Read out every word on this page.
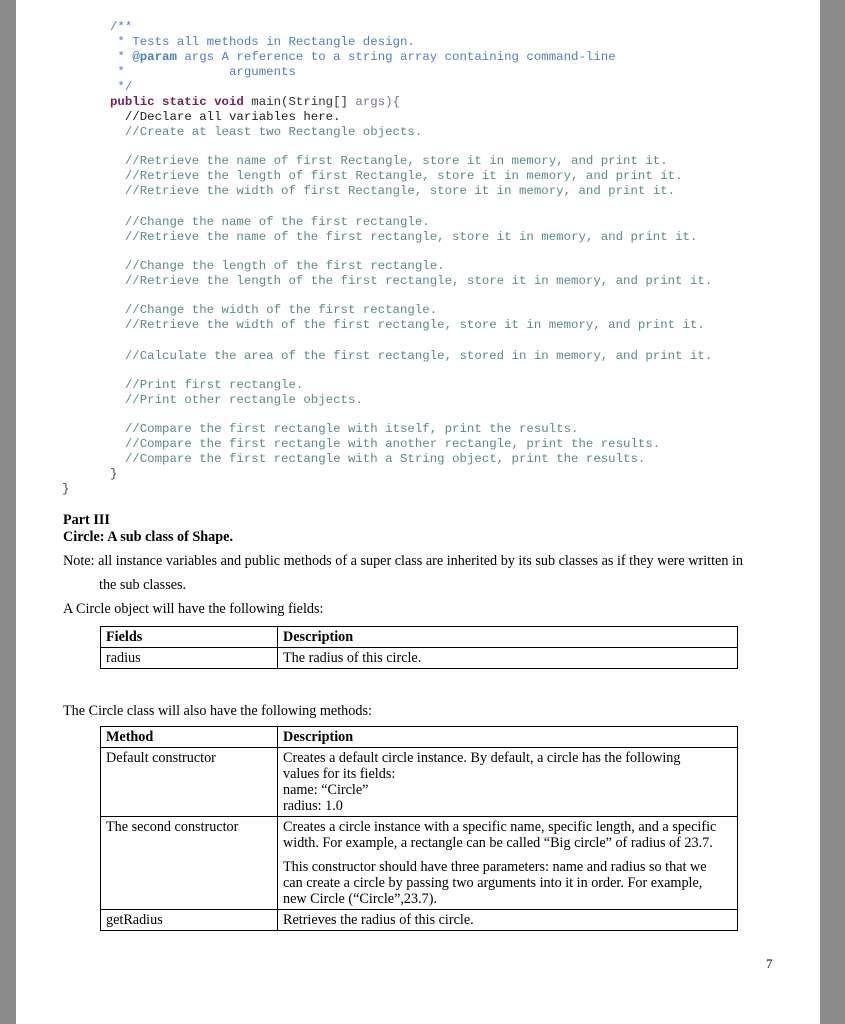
/**
* Tests all methods in Rectangle design.
* @param args A reference to a string array containing command-line
*              arguments
*/
public static void main(String[] args){
//Declare all variables here.
//Create at least two Rectangle objects.
//Retrieve the name of first Rectangle, store it in memory, and print it.
//Retrieve the length of first Rectangle, store it in memory, and print it.
//Retrieve the width of first Rectangle, store it in memory, and print it.
//Change the name of the first rectangle.
//Retrieve the name of the first rectangle, store it in memory, and print it.
//Change the length of the first rectangle.
//Retrieve the length of the first rectangle, store it in memory, and print it.
//Change the width of the first rectangle.
//Retrieve the width of the first rectangle, store it in memory, and print it.
//Calculate the area of the first rectangle, stored in in memory, and print it.
//Print first rectangle.
//Print other rectangle objects.
//Compare the first rectangle with itself, print the results.
//Compare the first rectangle with another rectangle, print the results.
//Compare the first rectangle with a String object, print the results.
}
}
Part III
Circle: A sub class of Shape.
Note: all instance variables and public methods of a super class are inherited by its sub classes as if they were written in
the sub classes.
A Circle object will have the following fields:
Fields	Description
radius	The radius of this circle.
The Circle class will also have the following methods:
Method	Description
Default constructor	Creates a default circle instance. By default, a circle has the following
values for its fields:
name: “Circle”
radius: 1.0

The second constructor	Creates a circle instance with a specific name, specific length, and a specific
width. For example, a rectangle can be called “Big circle” of radius of 23.7.
This constructor should have three parameters: name and radius so that we
can create a circle by passing two arguments into it in order. For example,
new Circle (“Circle”,23.7).

getRadius	Retrieves the radius of this circle.
7
